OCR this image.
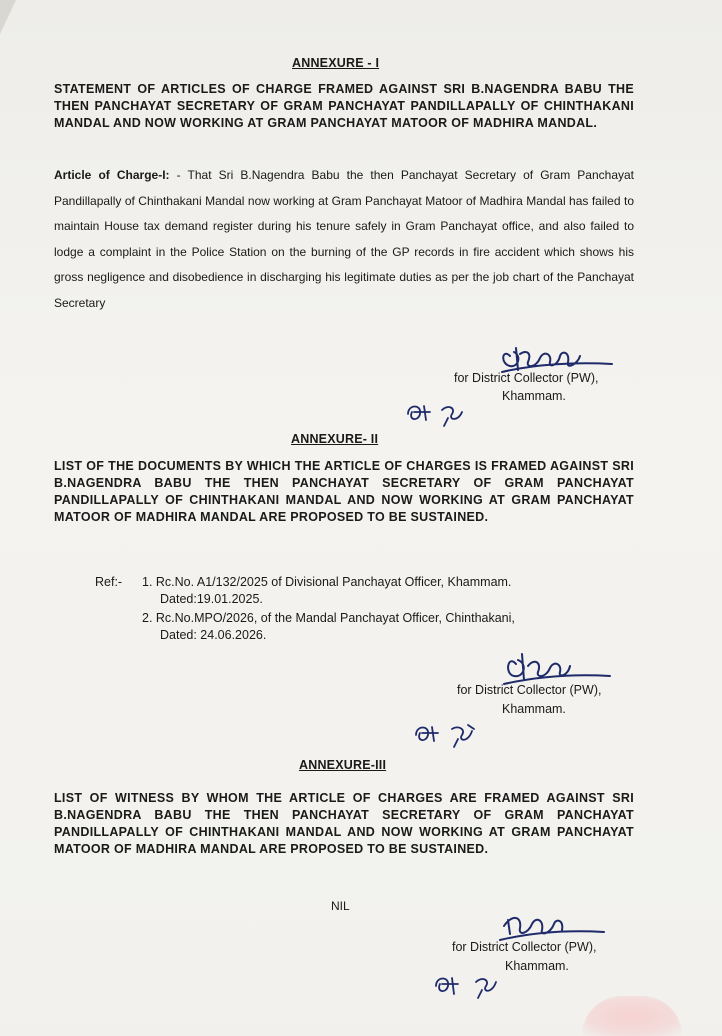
ANNEXURE - I
STATEMENT OF ARTICLES OF CHARGE FRAMED AGAINST SRI B.NAGENDRA BABU THE THEN PANCHAYAT SECRETARY OF GRAM PANCHAYAT PANDILLAPALLY OF CHINTHAKANI MANDAL AND NOW WORKING AT GRAM PANCHAYAT MATOOR OF MADHIRA MANDAL.
Article of Charge-I: - That Sri B.Nagendra Babu the then Panchayat Secretary of Gram Panchayat Pandillapally of Chinthakani Mandal now working at Gram Panchayat Matoor of Madhira Mandal has failed to maintain House tax demand register during his tenure safely in Gram Panchayat office, and also failed to lodge a complaint in the Police Station on the burning of the GP records in fire accident which shows his gross negligence and disobedience in discharging his legitimate duties as per the job chart of the Panchayat Secretary
for District Collector (PW),
Khammam.
ANNEXURE- II
LIST OF THE DOCUMENTS BY WHICH THE ARTICLE OF CHARGES IS FRAMED AGAINST SRI B.NAGENDRA BABU THE THEN PANCHAYAT SECRETARY OF GRAM PANCHAYAT PANDILLAPALLY OF CHINTHAKANI MANDAL AND NOW WORKING AT GRAM PANCHAYAT MATOOR OF MADHIRA MANDAL ARE PROPOSED TO BE SUSTAINED.
Ref:- 1. Rc.No. A1/132/2025 of Divisional Panchayat Officer, Khammam.
Dated:19.01.2025.
2. Rc.No.MPO/2026, of the Mandal Panchayat Officer, Chinthakani,
Dated: 24.06.2026.
for District Collector (PW),
Khammam.
ANNEXURE-III
LIST OF WITNESS BY WHOM THE ARTICLE OF CHARGES ARE FRAMED AGAINST SRI B.NAGENDRA BABU THE THEN PANCHAYAT SECRETARY OF GRAM PANCHAYAT PANDILLAPALLY OF CHINTHAKANI MANDAL AND NOW WORKING AT GRAM PANCHAYAT MATOOR OF MADHIRA MANDAL ARE PROPOSED TO BE SUSTAINED.
NIL
for District Collector (PW),
Khammam.
